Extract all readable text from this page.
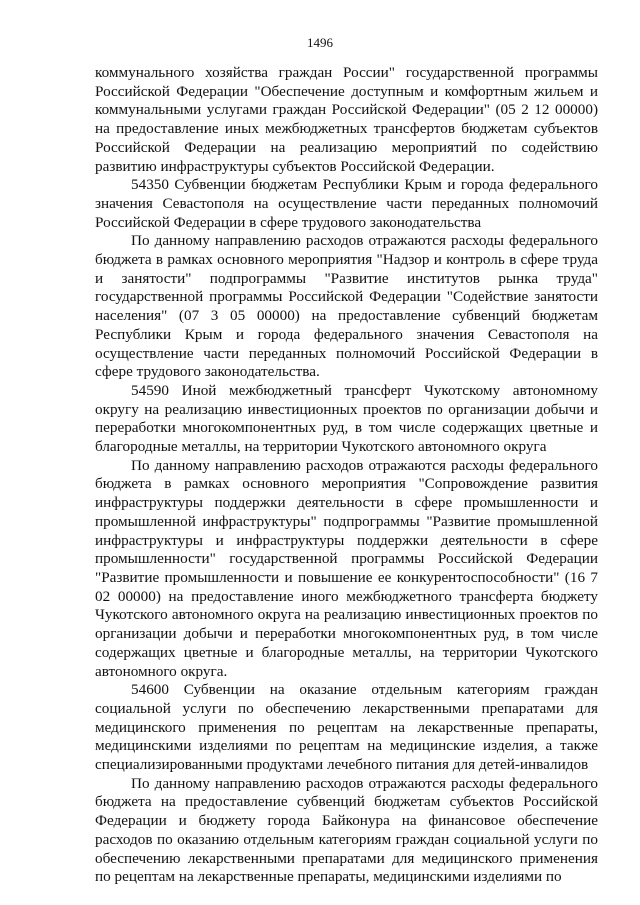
1496

коммунального хозяйства граждан России" государственной программы Российской Федерации "Обеспечение доступным и комфортным жильем и коммунальными услугами граждан Российской Федерации" (05 2 12 00000) на предоставление иных межбюджетных трансфертов бюджетам субъектов Российской Федерации на реализацию мероприятий по содействию развитию инфраструктуры субъектов Российской Федерации.

54350 Субвенции бюджетам Республики Крым и города федерального значения Севастополя на осуществление части переданных полномочий Российской Федерации в сфере трудового законодательства

По данному направлению расходов отражаются расходы федерального бюджета в рамках основного мероприятия "Надзор и контроль в сфере труда и занятости" подпрограммы "Развитие институтов рынка труда" государственной программы Российской Федерации "Содействие занятости населения" (07 3 05 00000) на предоставление субвенций бюджетам Республики Крым и города федерального значения Севастополя на осуществление части переданных полномочий Российской Федерации в сфере трудового законодательства.

54590 Иной межбюджетный трансферт Чукотскому автономному округу на реализацию инвестиционных проектов по организации добычи и переработки многокомпонентных руд, в том числе содержащих цветные и благородные металлы, на территории Чукотского автономного округа

По данному направлению расходов отражаются расходы федерального бюджета в рамках основного мероприятия "Сопровождение развития инфраструктуры поддержки деятельности в сфере промышленности и промышленной инфраструктуры" подпрограммы "Развитие промышленной инфраструктуры и инфраструктуры поддержки деятельности в сфере промышленности" государственной программы Российской Федерации "Развитие промышленности и повышение ее конкурентоспособности" (16 7 02 00000) на предоставление иного межбюджетного трансферта бюджету Чукотского автономного округа на реализацию инвестиционных проектов по организации добычи и переработки многокомпонентных руд, в том числе содержащих цветные и благородные металлы, на территории Чукотского автономного округа.

54600 Субвенции на оказание отдельным категориям граждан социальной услуги по обеспечению лекарственными препаратами для медицинского применения по рецептам на лекарственные препараты, медицинскими изделиями по рецептам на медицинские изделия, а также специализированными продуктами лечебного питания для детей-инвалидов

По данному направлению расходов отражаются расходы федерального бюджета на предоставление субвенций бюджетам субъектов Российской Федерации и бюджету города Байконура на финансовое обеспечение расходов по оказанию отдельным категориям граждан социальной услуги по обеспечению лекарственными препаратами для медицинского применения по рецептам на лекарственные препараты, медицинскими изделиями по
